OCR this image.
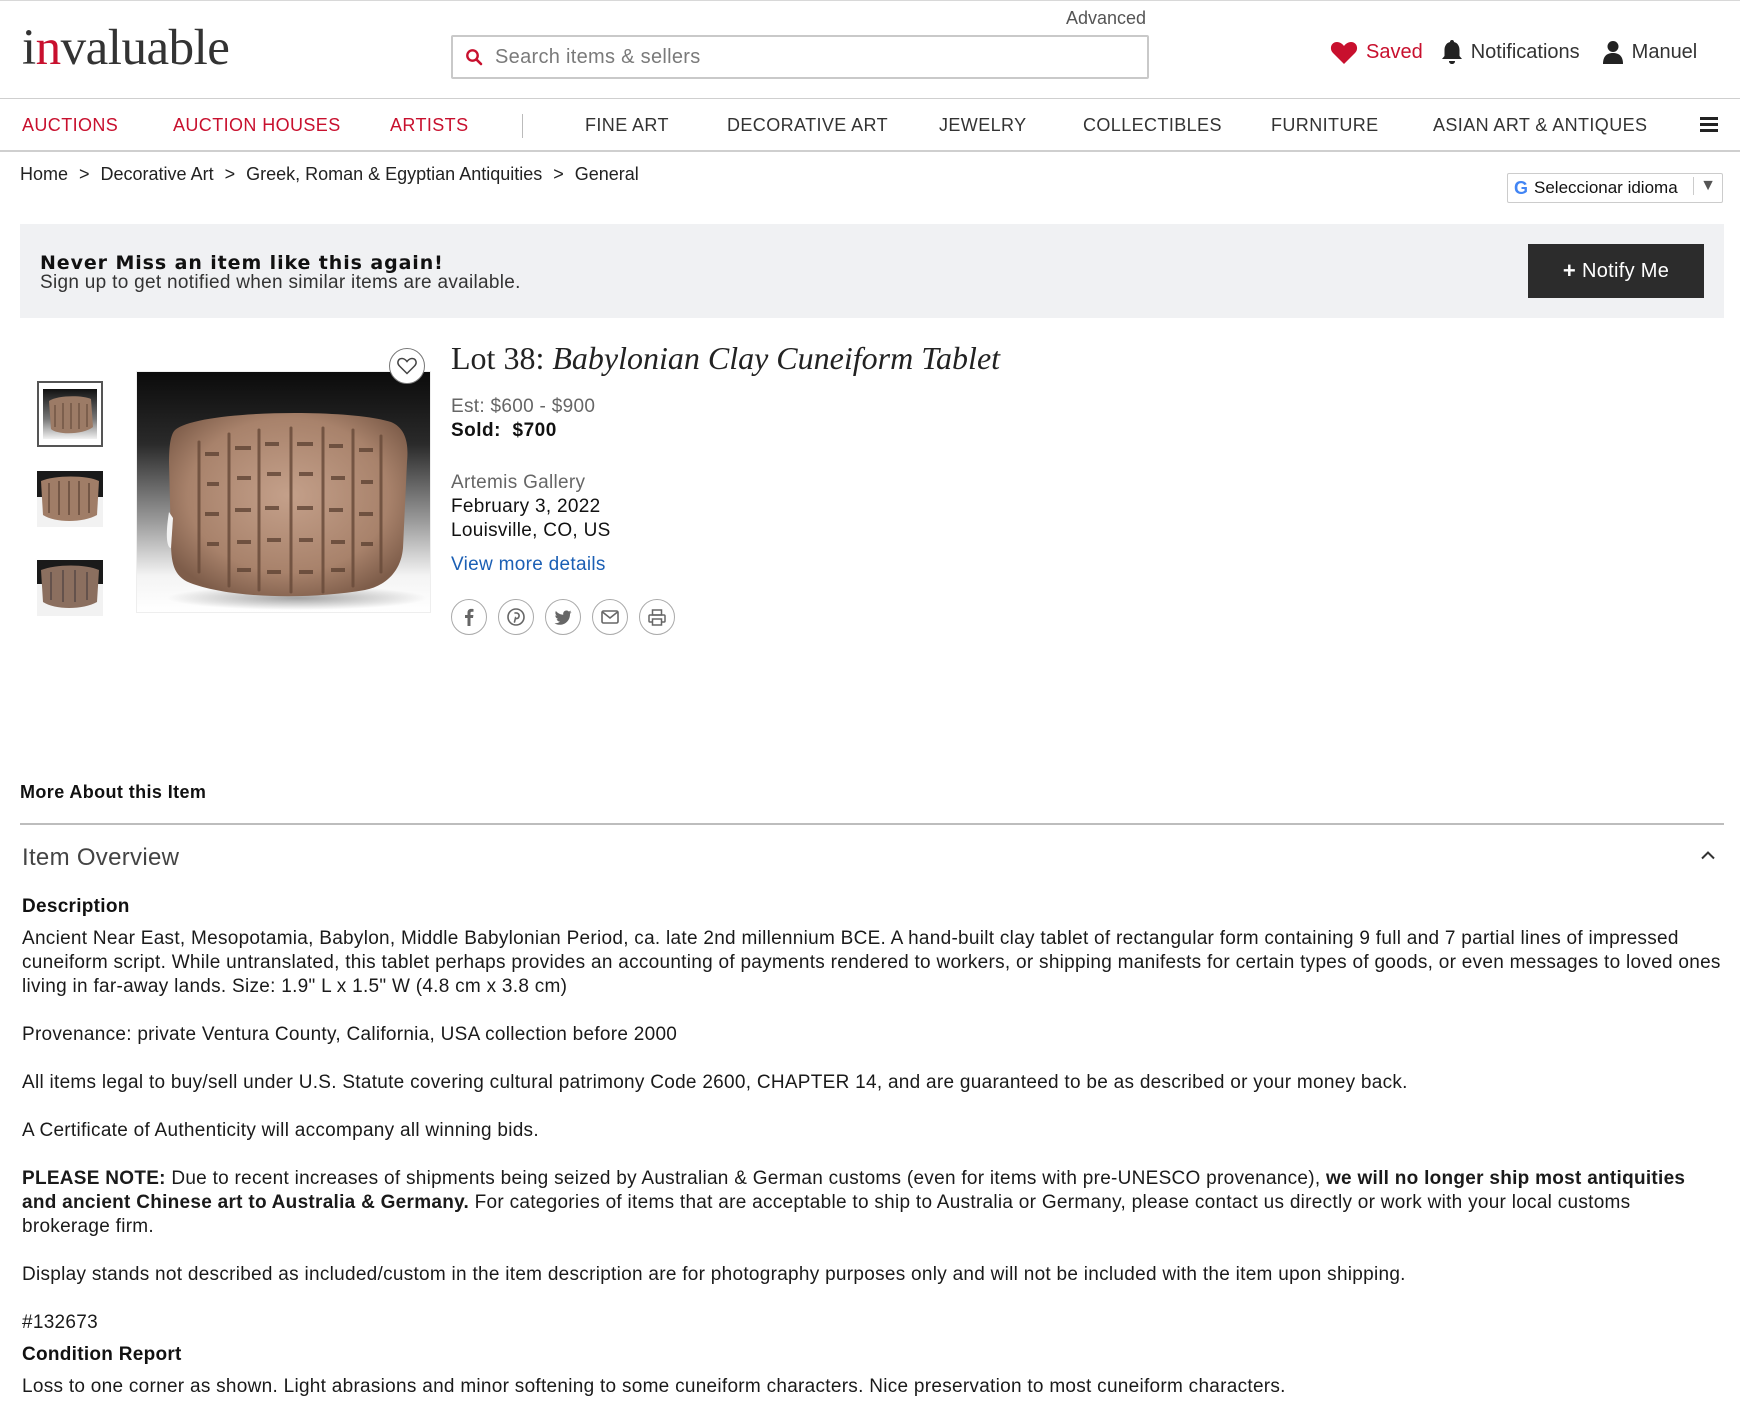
invaluable
Advanced
Search items & sellers
Saved Notifications	Manuel
AUCTIONS	AUCTION HOUSES	ARTISTS	FINE ART	DECORATIVE ART	JEWELRY	COLLECTIBLES	FURNITURE	ASIAN ART & ANTIQUES
Home > Decorative Art > Greek, Roman & Egyptian Antiquities > General
G Seleccionar idioma	▼
Never Miss an item like this again!
Sign up to get notified when similar items are available.	+ Notify Me
Lot 38: Babylonian Clay Cuneiform Tablet
Est: $600 - $900
Sold:  $700
Artemis Gallery
February 3, 2022
Louisville, CO, US
View more details
More About this Item
Item Overview
Description

Ancient Near East, Mesopotamia, Babylon, Middle Babylonian Period, ca. late 2nd millennium BCE. A hand-built clay tablet of rectangular form containing 9 full and 7 partial lines of impressed cuneiform script. While untranslated, this tablet perhaps provides an accounting of payments rendered to workers, or shipping manifests for certain types of goods, or even messages to loved ones living in far-away lands. Size: 1.9" L x 1.5" W (4.8 cm x 3.8 cm)

Provenance: private Ventura County, California, USA collection before 2000

All items legal to buy/sell under U.S. Statute covering cultural patrimony Code 2600, CHAPTER 14, and are guaranteed to be as described or your money back.

A Certificate of Authenticity will accompany all winning bids.

PLEASE NOTE: Due to recent increases of shipments being seized by Australian & German customs (even for items with pre-UNESCO provenance), we will no longer ship most antiquities and ancient Chinese art to Australia & Germany. For categories of items that are acceptable to ship to Australia or Germany, please contact us directly or work with your local customs brokerage firm.

Display stands not described as included/custom in the item description are for photography purposes only and will not be included with the item upon shipping.

#132673

Condition Report

Loss to one corner as shown. Light abrasions and minor softening to some cuneiform characters. Nice preservation to most cuneiform characters.
